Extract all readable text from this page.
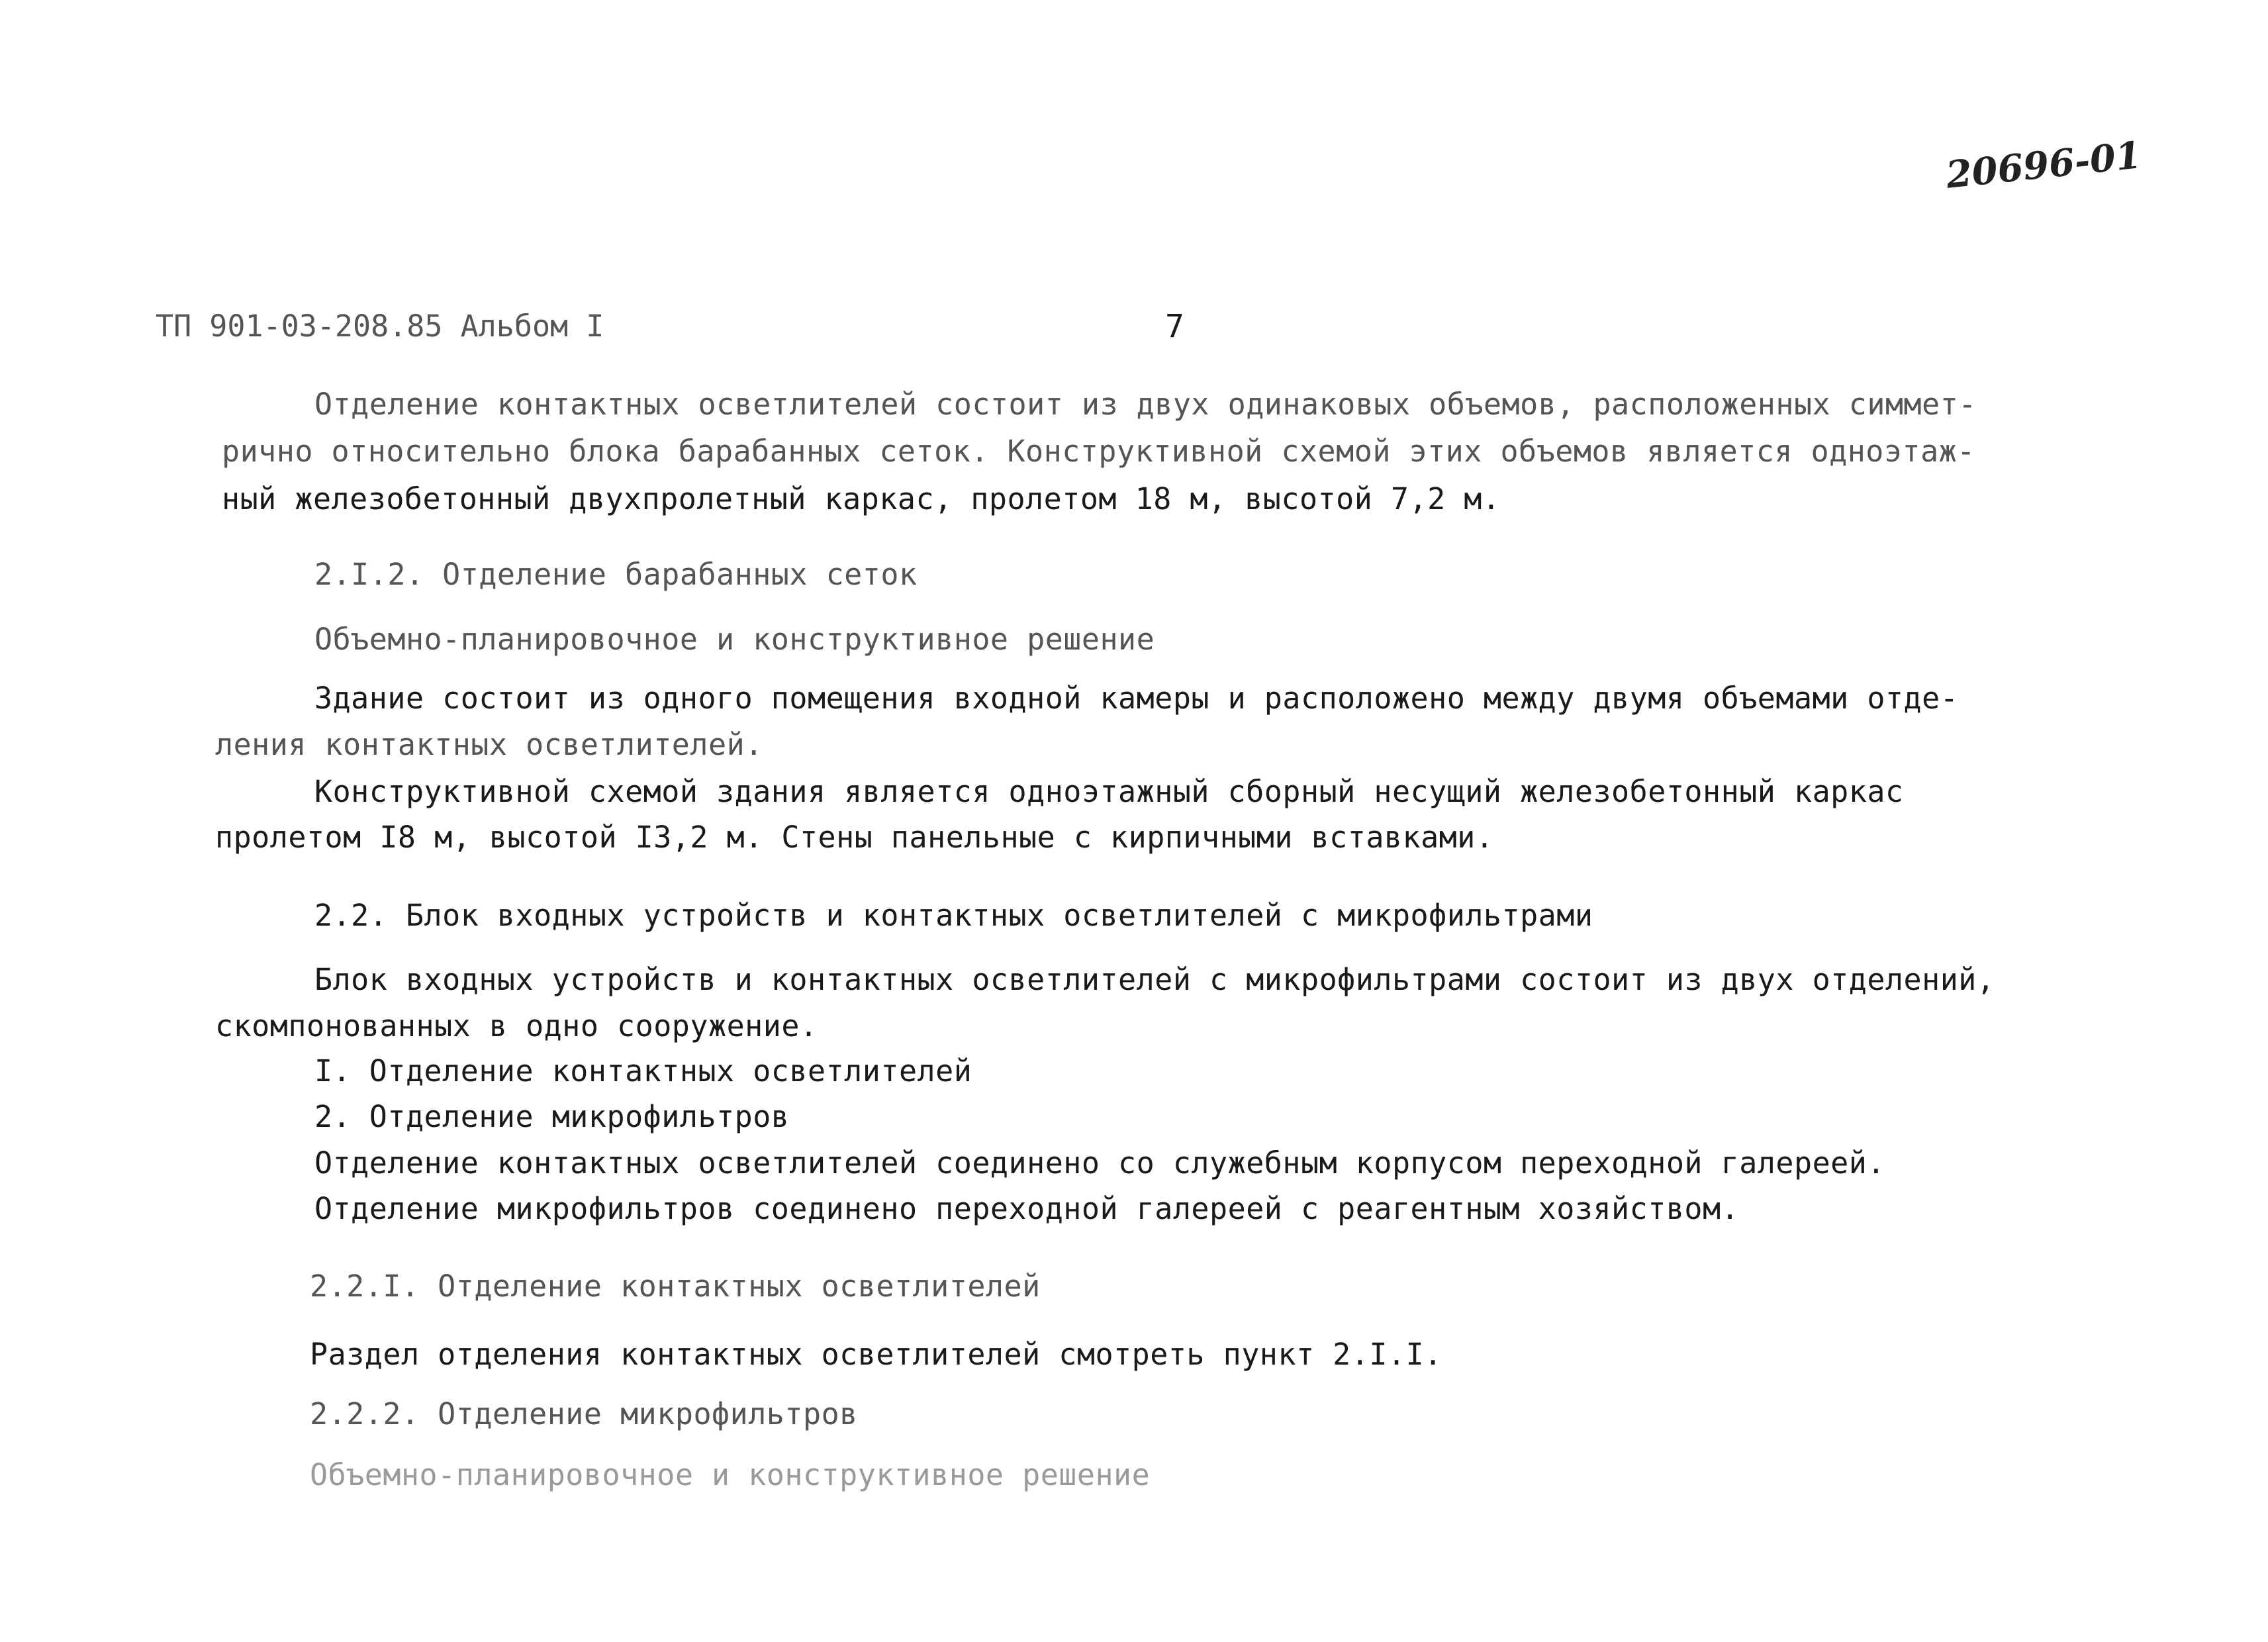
20696-01
ТП 901-03-208.85 Альбом I	7
Отделение контактных осветлителей состоит из двух одинаковых объемов, расположенных симмет-
рично относительно блока барабанных сеток. Конструктивной схемой этих объемов является одноэтаж-
ный железобетонный двухпролетный каркас, пролетом 18 м, высотой 7,2 м.
2.I.2. Отделение барабанных сеток
Объемно-планировочное и конструктивное решение
Здание состоит из одного помещения входной камеры и расположено между двумя объемами отде-
ления контактных осветлителей.
Конструктивной схемой здания является одноэтажный сборный несущий железобетонный каркас
пролетом I8 м, высотой I3,2 м. Стены панельные с кирпичными вставками.
2.2. Блок входных устройств и контактных осветлителей с микрофильтрами
Блок входных устройств и контактных осветлителей с микрофильтрами состоит из двух отделений,
скомпонованных в одно сооружение.
I. Отделение контактных осветлителей
2. Отделение микрофильтров
Отделение контактных осветлителей соединено со служебным корпусом переходной галереей.
Отделение микрофильтров соединено переходной галереей с реагентным хозяйством.
2.2.I. Отделение контактных осветлителей
Раздел отделения контактных осветлителей смотреть пункт 2.I.I.
2.2.2. Отделение микрофильтров
Объемно-планировочное и конструктивное решение
